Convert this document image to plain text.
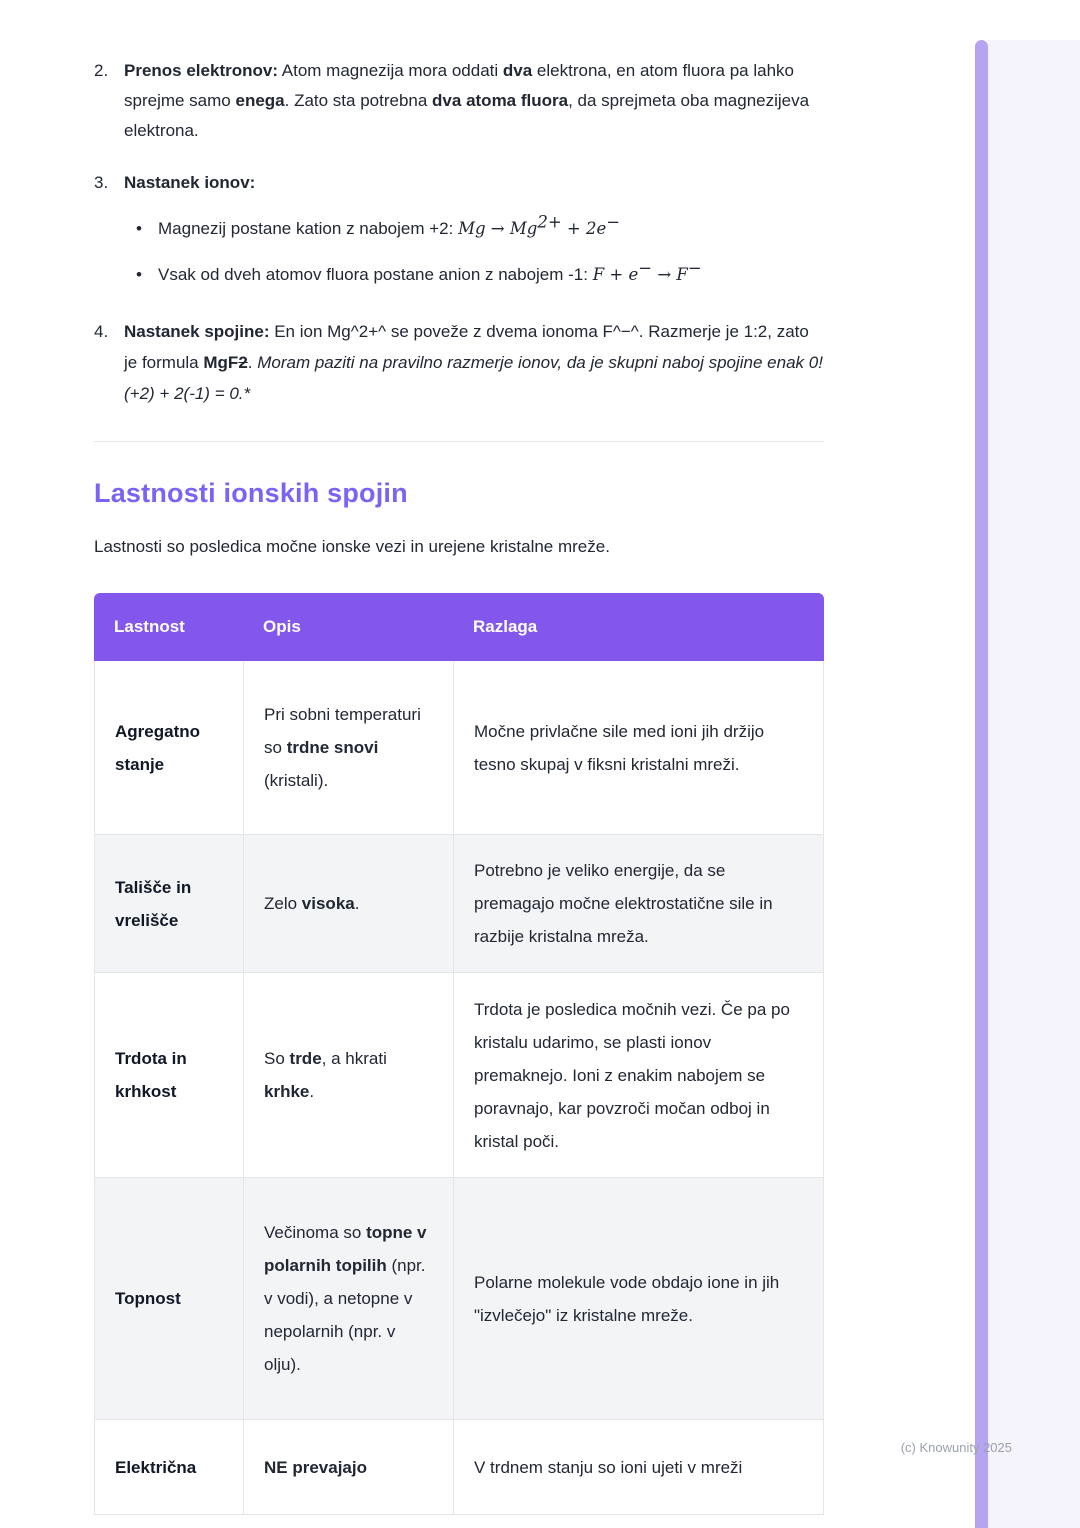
2. Prenos elektronov: Atom magnezija mora oddati dva elektrona, en atom fluora pa lahko sprejme samo enega. Zato sta potrebna dva atoma fluora, da sprejmeta oba magnezijeva elektrona.
3. Nastanek ionov:
•
Magnezij postane kation z nabojem +2: $Mg \to Mg^{2+} + 2e^-$
•
Vsak od dveh atomov fluora postane anion z nabojem -1: F + e− → F−
4. Nastanek spojine: En ion Mg^2+^ se poveže z dvema ionoma F^−^. Razmerje je 1:2, zato je formula MgF2. Moram paziti na pravilno razmerje ionov, da je skupni naboj spojine enak 0! (+2) + 2(-1) = 0.*
Lastnosti ionskih spojin

Lastnosti so posledica močne ionske vezi in urejene kristalne mreže.

Lastnost	Opis	Razlaga
Agregatno stanje	Pri sobni temperaturi so trdne snovi (kristali).	Močne privlačne sile med ioni jih držijo tesno skupaj v fiksni kristalni mreži.
Tališče in vrelišče	Zelo visoka.	Potrebno je veliko energije, da se premagajo močne elektrostatične sile in razbije kristalna mreža.
Trdota in krhkost	So trde, a hkrati krhke.	Trdota je posledica močnih vezi. Če pa po kristalu udarimo, se plasti ionov premaknejo. Ioni z enakim nabojem se poravnajo, kar povzroči močan odboj in kristal poči.
Topnost	Večinoma so topne v polarnih topilih (npr. v vodi), a netopne v nepolarnih (npr. v olju).	Polarne molekule vode obdajo ione in jih "izvlečejo" iz kristalne mreže.
Električna	NE prevajajo	V trdnem stanju so ioni ujeti v mreži
(c) Knowunity 2025
